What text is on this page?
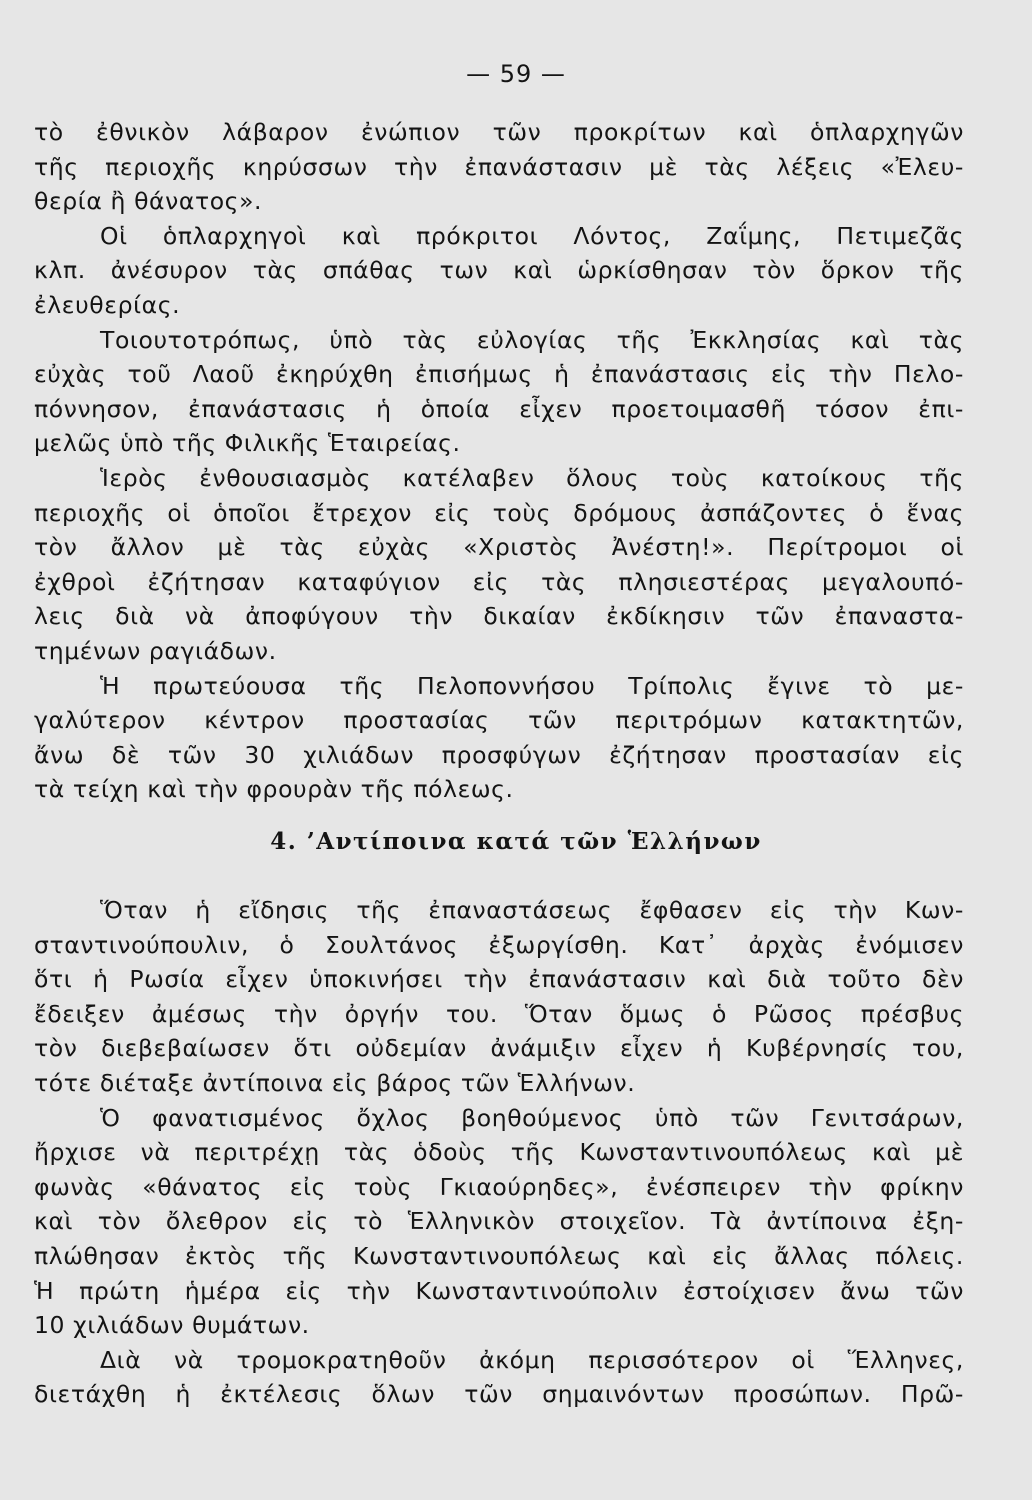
— 59 —
τὸ ἐθνικὸν λάβαρον ἐνώπιον τῶν προκρίτων καὶ ὁπλαρχηγῶν
τῆς περιοχῆς κηρύσσων τὴν ἐπανάστασιν μὲ τὰς λέξεις «Ἐλευ-
θερία ἢ θάνατος».
Οἱ ὁπλαρχηγοὶ καὶ πρόκριτοι Λόντος, Ζαΐμης, Πετιμεζᾶς
κλπ. ἀνέσυρον τὰς σπάθας των καὶ ὡρκίσθησαν τὸν ὅρκον τῆς
ἐλευθερίας.
Τοιουτοτρόπως, ὑπὸ τὰς εὐλογίας τῆς Ἐκκλησίας καὶ τὰς
εὐχὰς τοῦ Λαοῦ ἐκηρύχθη ἐπισήμως ἡ ἐπανάστασις εἰς τὴν Πελο-
πόννησον, ἐπανάστασις ἡ ὁποία εἶχεν προετοιμασθῆ τόσον ἐπι-
μελῶς ὑπὸ τῆς Φιλικῆς Ἑταιρείας.
Ἱερὸς ἐνθουσιασμὸς κατέλαβεν ὅλους τοὺς κατοίκους τῆς
περιοχῆς οἱ ὁποῖοι ἔτρεχον εἰς τοὺς δρόμους ἀσπάζοντες ὁ ἕνας
τὸν ἄλλον μὲ τὰς εὐχὰς «Χριστὸς Ἀνέστη!». Περίτρομοι οἱ
ἐχθροὶ ἐζήτησαν καταφύγιον εἰς τὰς πλησιεστέρας μεγαλουπό-
λεις διὰ νὰ ἀποφύγουν τὴν δικαίαν ἐκδίκησιν τῶν ἐπαναστα-
τημένων ραγιάδων.
Ἡ πρωτεύουσα τῆς Πελοποννήσου Τρίπολις ἔγινε τὸ με-
γαλύτερον κέντρον προστασίας τῶν περιτρόμων κατακτητῶν,
ἄνω δὲ τῶν 30 χιλιάδων προσφύγων ἐζήτησαν προστασίαν εἰς
τὰ τείχη καὶ τὴν φρουρὰν τῆς πόλεως.
4. ’Αντίποινα κατά τῶν Ἑλλήνων
Ὅταν ἡ εἴδησις τῆς ἐπαναστάσεως ἔφθασεν εἰς τὴν Κων-
σταντινούπουλιν, ὁ Σουλτάνος ἐξωργίσθη. Κατ᾿ ἀρχὰς ἐνόμισεν
ὅτι ἡ Ρωσία εἶχεν ὑποκινήσει τὴν ἐπανάστασιν καὶ διὰ τοῦτο δὲν
ἔδειξεν ἀμέσως τὴν ὀργήν του. Ὅταν ὅμως ὁ Ρῶσος πρέσβυς
τὸν διεβεβαίωσεν ὅτι οὐδεμίαν ἀνάμιξιν εἶχεν ἡ Κυβέρνησίς του,
τότε διέταξε ἀντίποινα εἰς βάρος τῶν Ἑλλήνων.
Ὁ φανατισμένος ὄχλος βοηθούμενος ὑπὸ τῶν Γενιτσάρων,
ἤρχισε νὰ περιτρέχῃ τὰς ὁδοὺς τῆς Κωνσταντινουπόλεως καὶ μὲ
φωνὰς «θάνατος εἰς τοὺς Γκιαούρηδες», ἐνέσπειρεν τὴν φρίκην
καὶ τὸν ὄλεθρον εἰς τὸ Ἑλληνικὸν στοιχεῖον. Τὰ ἀντίποινα ἐξη-
πλώθησαν ἐκτὸς τῆς Κωνσταντινουπόλεως καὶ εἰς ἄλλας πόλεις.
Ἡ πρώτη ἡμέρα εἰς τὴν Κωνσταντινούπολιν ἐστοίχισεν ἄνω τῶν
10 χιλιάδων θυμάτων.
Διὰ νὰ τρομοκρατηθοῦν ἀκόμη περισσότερον οἱ Ἕλληνες,
διετάχθη ἡ ἐκτέλεσις ὅλων τῶν σημαινόντων προσώπων. Πρῶ-
